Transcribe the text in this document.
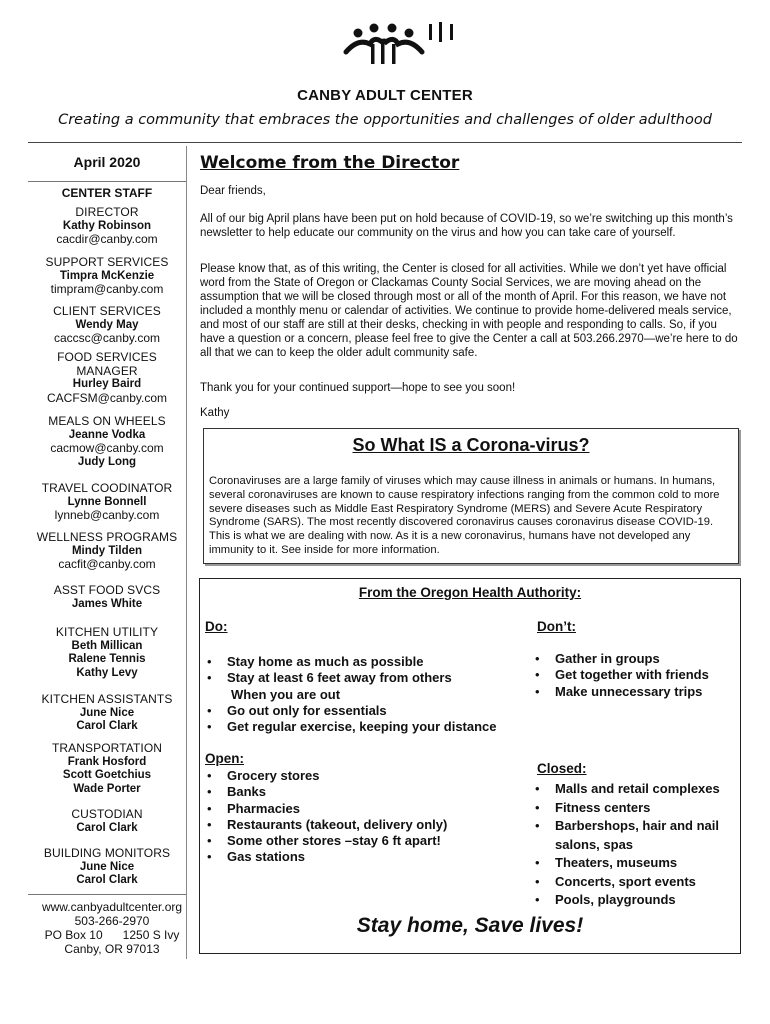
CANBY ADULT CENTER
Creating a community that embraces the opportunities and challenges of older adulthood
April 2020
CENTER STAFF
DIRECTOR
Kathy Robinson
cacdir@canby.com
SUPPORT SERVICES
Timpra McKenzie
timpram@canby.com
CLIENT SERVICES
Wendy May
caccsc@canby.com
FOOD SERVICES MANAGER
Hurley Baird
CACFSM@canby.com
MEALS ON WHEELS
Jeanne Vodka
cacmow@canby.com
Judy Long
TRAVEL COODINATOR
Lynne Bonnell
lynneb@canby.com
WELLNESS PROGRAMS
Mindy Tilden
cacfit@canby.com
ASST FOOD SVCS
James White
KITCHEN UTILITY
Beth Millican
Ralene Tennis
Kathy Levy
KITCHEN ASSISTANTS
June Nice
Carol Clark
TRANSPORTATION
Frank Hosford
Scott Goetchius
Wade Porter
CUSTODIAN
Carol Clark
BUILDING MONITORS
June Nice
Carol Clark
www.canbyadultcenter.org
503-266-2970
PO Box 10 1250 S Ivy
Canby, OR 97013
Welcome from the Director
Dear friends,
All of our big April plans have been put on hold because of COVID-19, so we’re switching up this month’s newsletter to help educate our community on the virus and how you can take care of yourself.
Please know that, as of this writing, the Center is closed for all activities. While we don’t yet have official word from the State of Oregon or Clackamas County Social Services, we are moving ahead on the assumption that we will be closed through most or all of the month of April. For this reason, we have not included a monthly menu or calendar of activities. We continue to provide home-delivered meals service, and most of our staff are still at their desks, checking in with people and responding to calls. So, if you have a question or a concern, please feel free to give the Center a call at 503.266.2970—we’re here to do all that we can to keep the older adult community safe.
Thank you for your continued support—hope to see you soon!
Kathy
So What IS a Corona-virus?
Coronaviruses are a large family of viruses which may cause illness in animals or humans. In humans, several coronaviruses are known to cause respiratory infections ranging from the common cold to more severe diseases such as Middle East Respiratory Syndrome (MERS) and Severe Acute Respiratory Syndrome (SARS). The most recently discovered coronavirus causes coronavirus disease COVID-19. This is what we are dealing with now. As it is a new coronavirus, humans have not developed any immunity to it. See inside for more information.
From the Oregon Health Authority:
Do:
• Stay home as much as possible
• Stay at least 6 feet away from others
When you are out
• Go out only for essentials
• Get regular exercise, keeping your distance
Don’t:
• Gather in groups
• Get together with friends
• Make unnecessary trips
Open:
• Grocery stores
• Banks
• Pharmacies
• Restaurants (takeout, delivery only)
• Some other stores –stay 6 ft apart!
• Gas stations
Closed:
• Malls and retail complexes
• Fitness centers
• Barbershops, hair and nail
salons, spas
• Theaters, museums
• Concerts, sport events
• Pools, playgrounds
Stay home, Save lives!
